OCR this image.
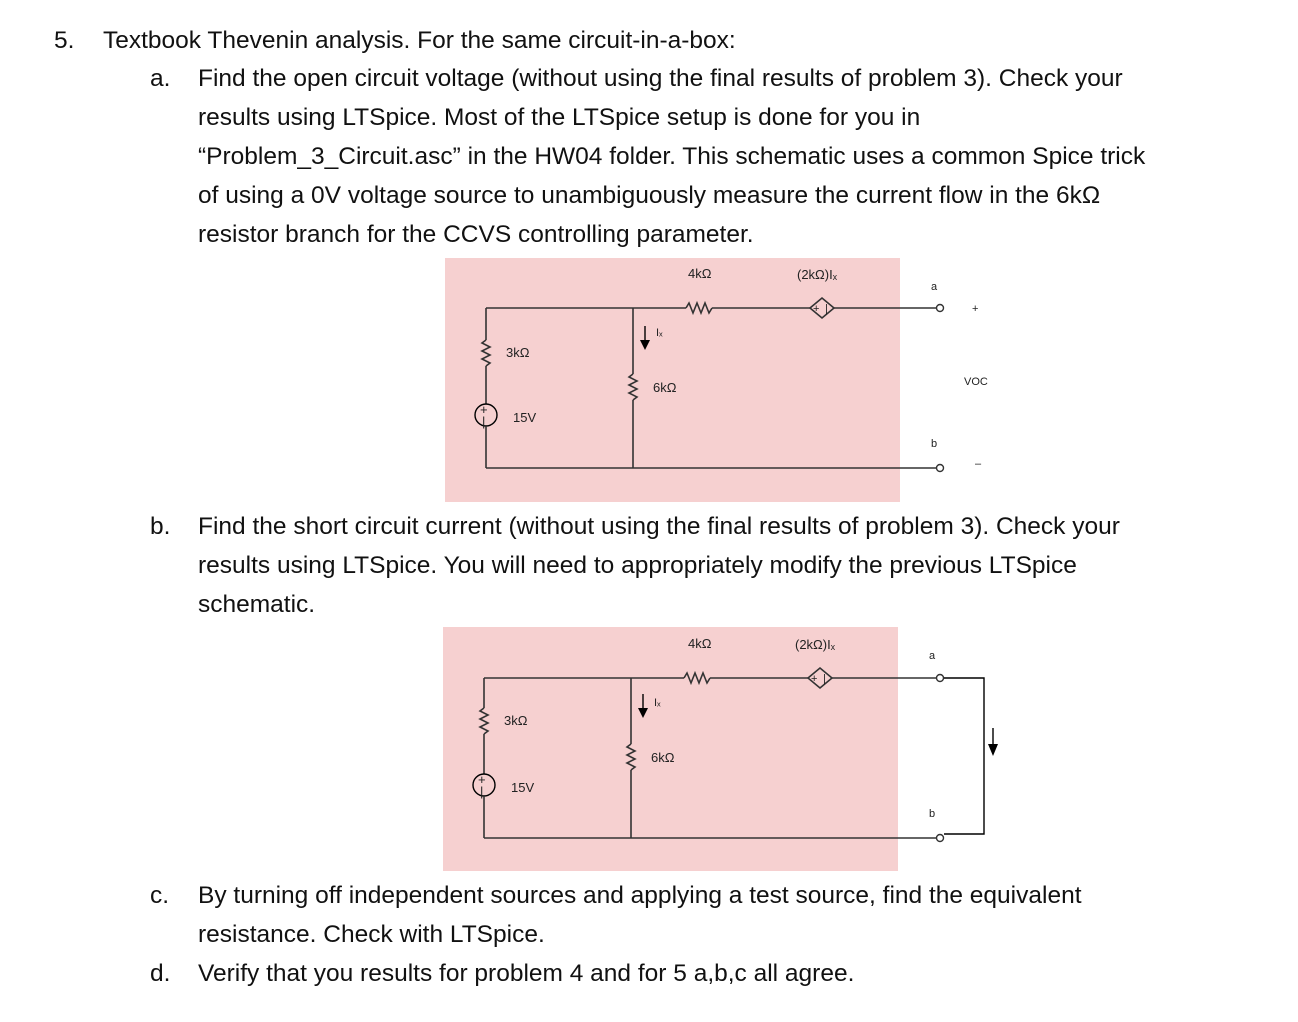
5. Textbook Thevenin analysis. For the same circuit-in-a-box:
a. Find the open circuit voltage (without using the final results of problem 3). Check your
results using LTSpice. Most of the LTSpice setup is done for you in
“Problem_3_Circuit.asc” in the HW04 folder. This schematic uses a common Spice trick
of using a 0V voltage source to unambiguously measure the current flow in the 6kΩ
resistor branch for the CCVS controlling parameter.
+
|
+ |
4kΩ	(2kΩ)Iₓ
3kΩ
6kΩ
15V
Iₓ
a
b
+
–
VOC
b. Find the short circuit current (without using the final results of problem 3). Check your
results using LTSpice. You will need to appropriately modify the previous LTSpice
schematic.
+
|
+ |
4kΩ	(2kΩ)Iₓ
3kΩ
6kΩ
15V
Iₓ
a
b
c. By turning off independent sources and applying a test source, find the equivalent
resistance. Check with LTSpice.
d. Verify that you results for problem 4 and for 5 a,b,c all agree.
